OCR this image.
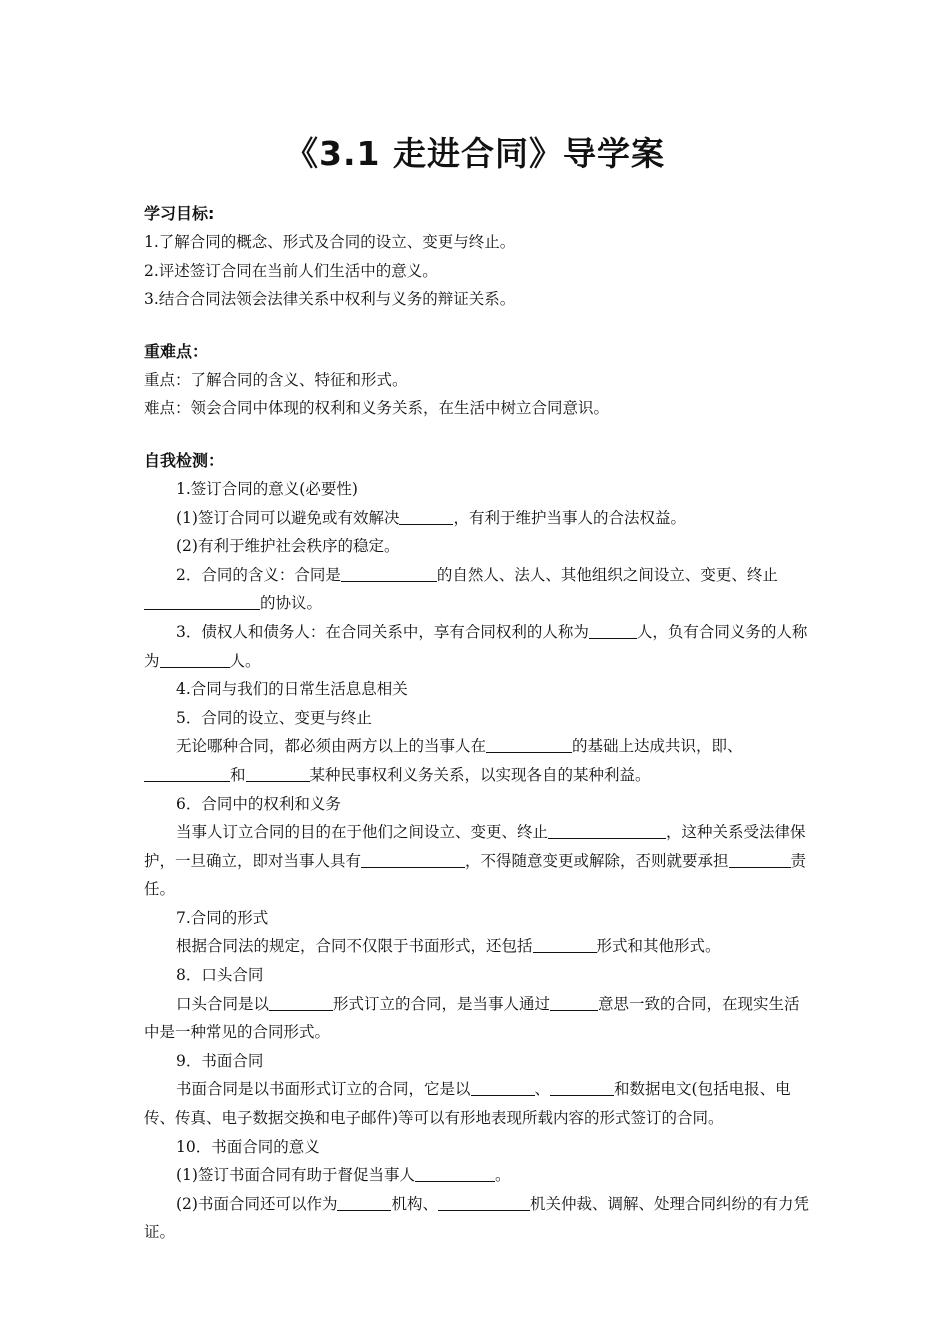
《3.1 走进合同》导学案
学习目标:

1.了解合同的概念、形式及合同的设立、变更与终止。

2.评述签订合同在当前人们生活中的意义。

3.结合合同法领会法律关系中权利与义务的辩证关系。

重难点：

重点：了解合同的含义、特征和形式。

难点：领会合同中体现的权利和义务关系，在生活中树立合同意识。

自我检测：

1.签订合同的意义(必要性)

(1)签订合同可以避免或有效解决	，有利于维护当事人的合法权益。

(2)有利于维护社会秩序的稳定。

2．合同的含义：合同是	的自然人、法人、其他组织之间设立、变更、终止的协议。

3．债权人和债务人：在合同关系中，享有合同权利的人称为	人，负有合同义务的人称为	人。

4.合同与我们的日常生活息息相关

5．合同的设立、变更与终止

无论哪种合同，都必须由两方以上的当事人在	的基础上达成共识，即、和	某种民事权利义务关系，以实现各自的某种利益。

6．合同中的权利和义务

当事人订立合同的目的在于他们之间设立、变更、终止	，这种关系受法律保护，一旦确立，即对当事人具有	，不得随意变更或解除，否则就要承担	责任。

7.合同的形式

根据合同法的规定，合同不仅限于书面形式，还包括	形式和其他形式。

8．口头合同

口头合同是以	形式订立的合同，是当事人通过	意思一致的合同，在现实生活中是一种常见的合同形式。

9．书面合同

书面合同是以书面形式订立的合同，它是以	、	和数据电文(包括电报、电传、传真、电子数据交换和电子邮件)等可以有形地表现所载内容的形式签订的合同。

10．书面合同的意义

(1)签订书面合同有助于督促当事人	。

(2)书面合同还可以作为	机构、	机关仲裁、调解、处理合同纠纷的有力凭证。
